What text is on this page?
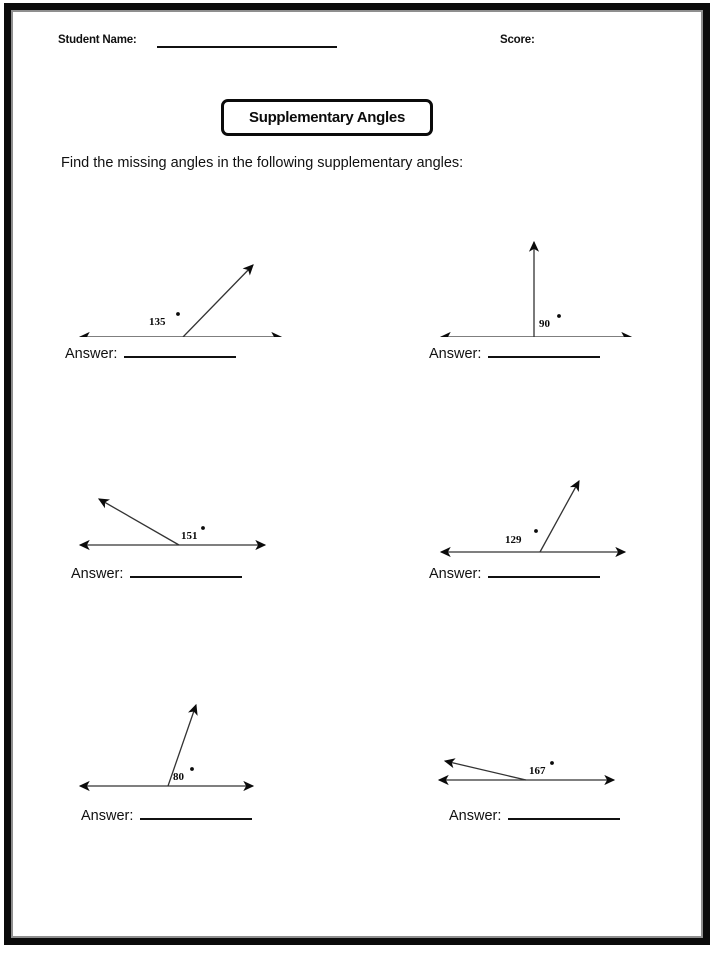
Student Name:	Score:
Supplementary Angles
Find the missing angles in the following supplementary angles:
135
Answer:
90
Answer:
151
Answer:
129
Answer:
80
Answer:
167
Answer:
